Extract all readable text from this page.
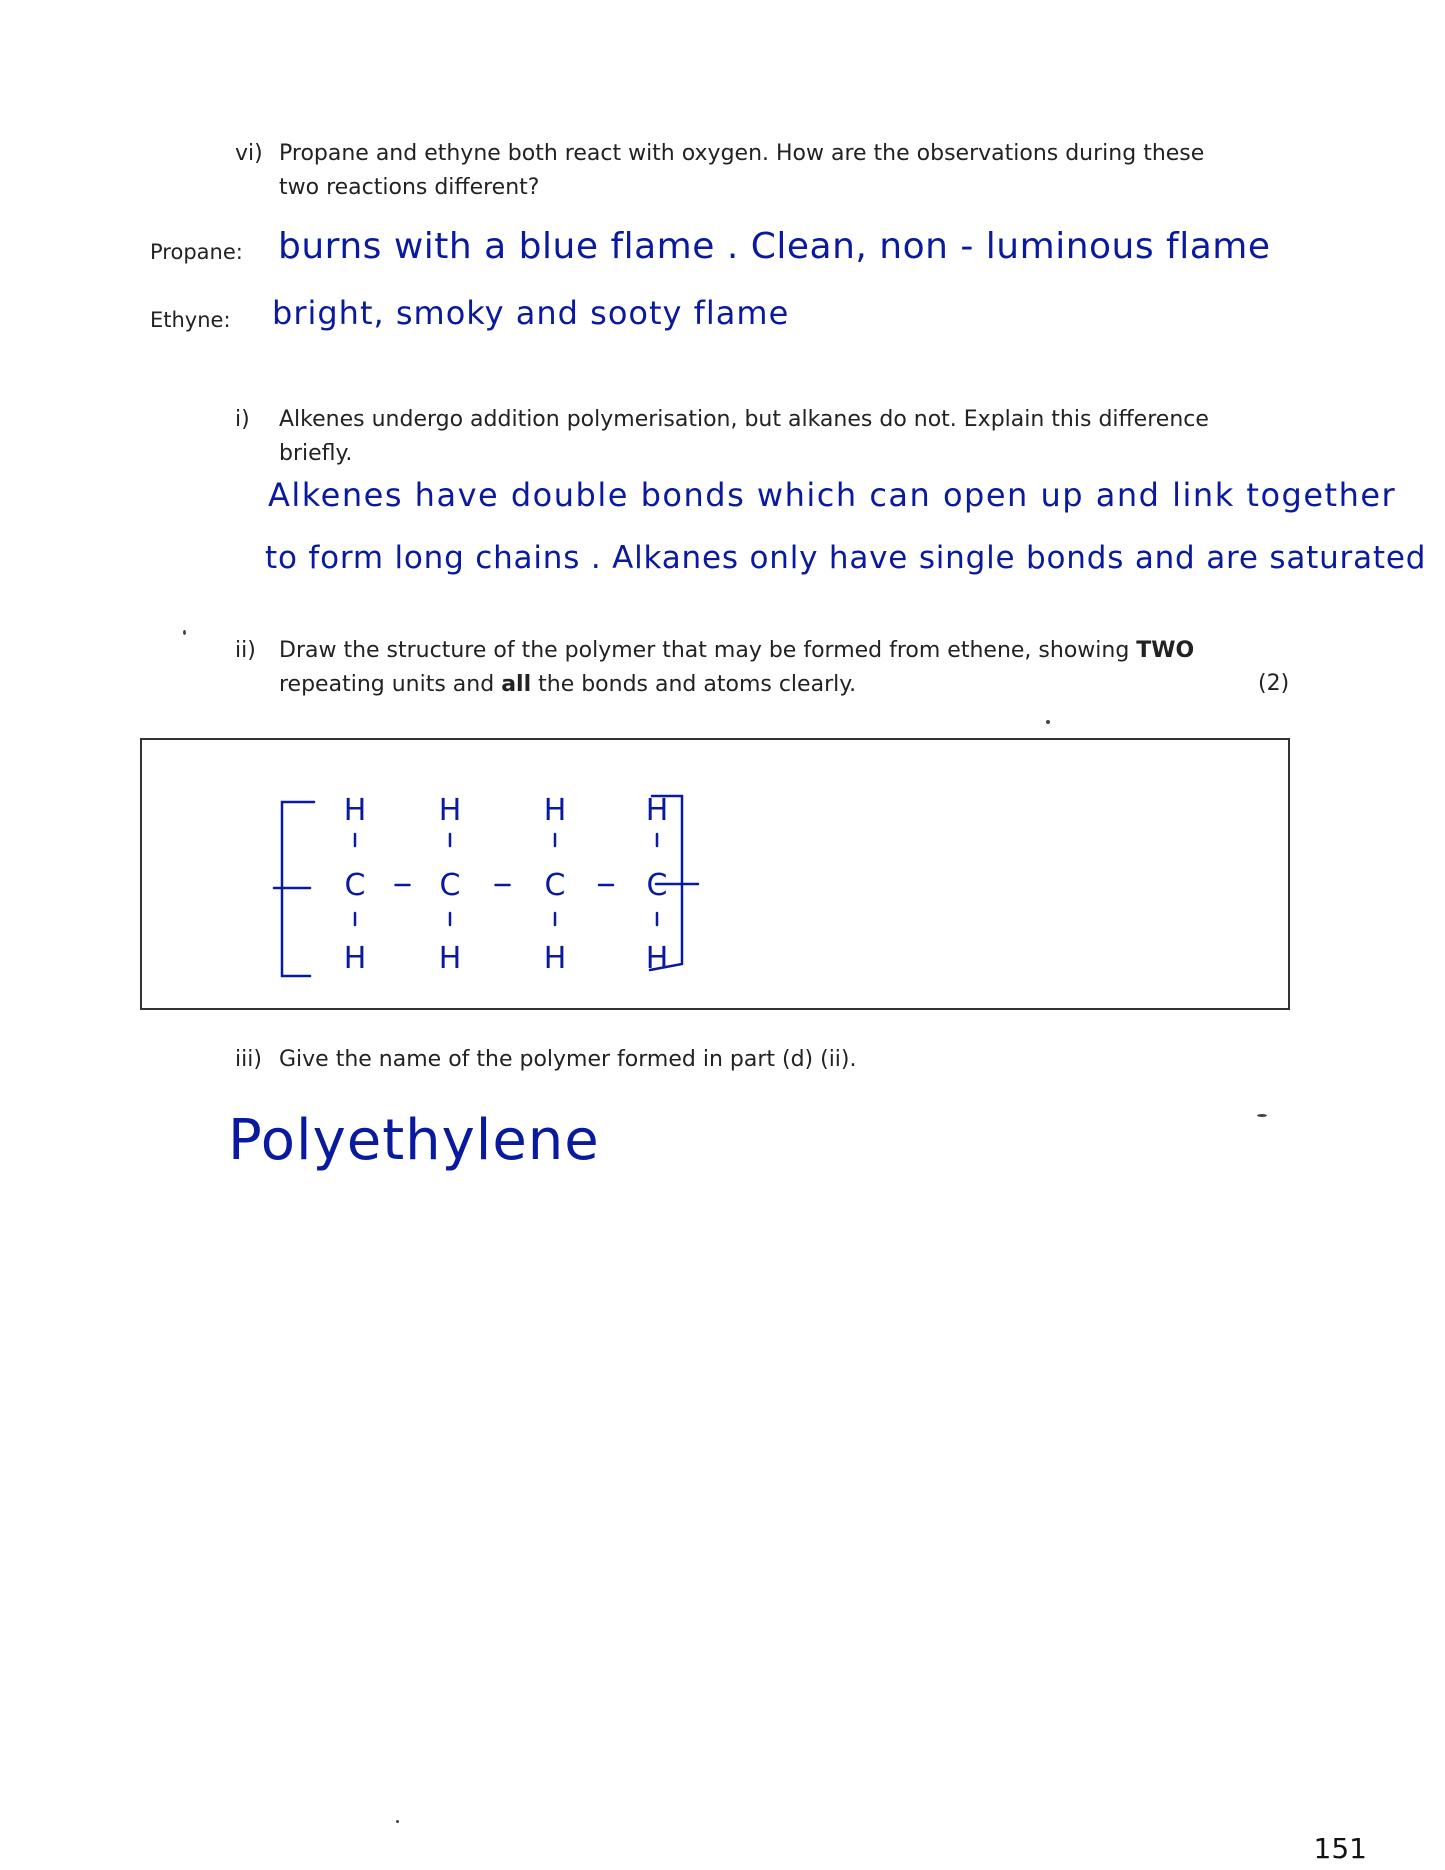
vi) Propane and ethyne both react with oxygen. How are the observations during these
two reactions different?
Propane: burns with a blue flame . Clean, non - luminous flame
Ethyne: bright, smoky and sooty flame
i) Alkenes undergo addition polymerisation, but alkanes do not. Explain this difference
briefly.
Alkenes have double bonds which can open up and link together
to form long chains . Alkanes only have single bonds and are saturated
ii) Draw the structure of the polymer that may be formed from ethene, showing TWO
repeating units and all the bonds and atoms clearly.	(2)
H
C
H
H
C
H
H
C
H
H
C
H
iii) Give the name of the polymer formed in part (d) (ii).
Polyethylene
151
